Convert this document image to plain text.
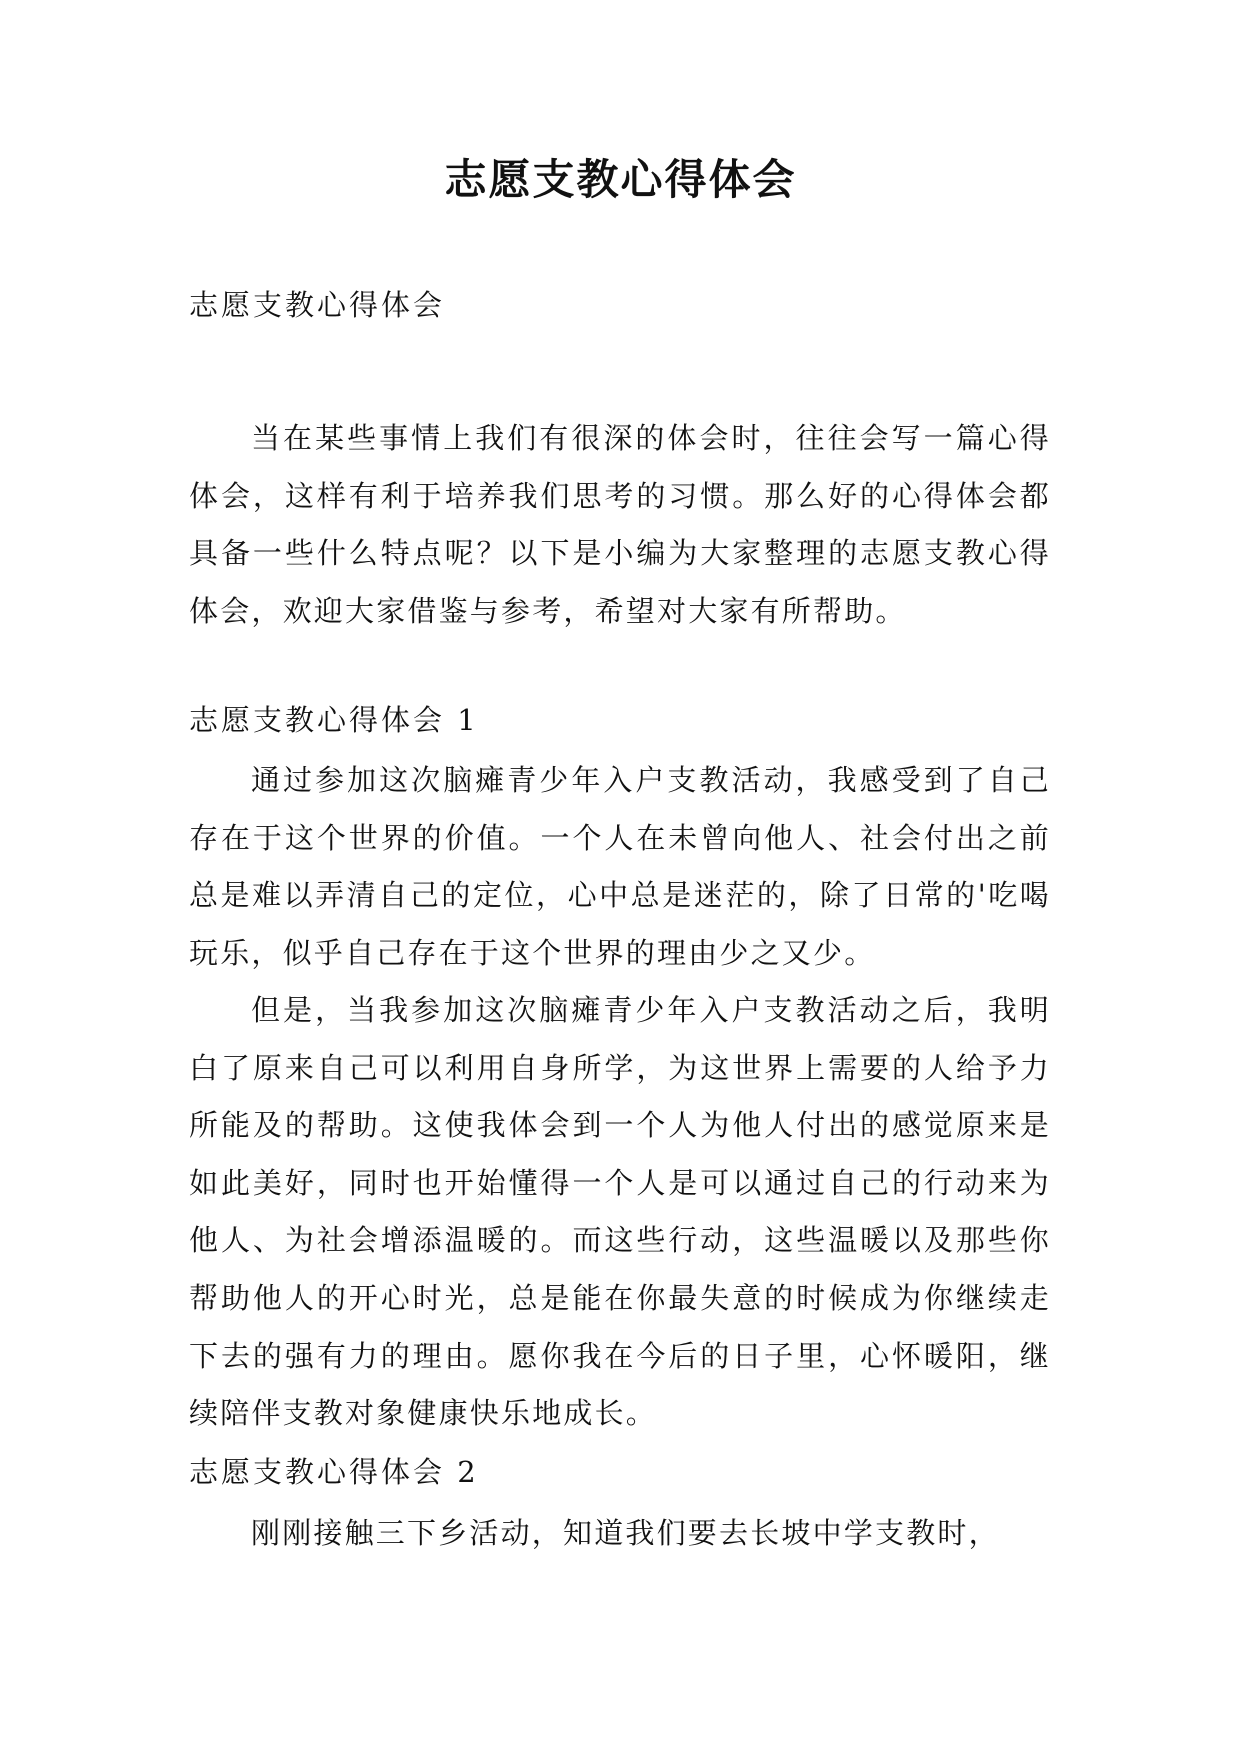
志愿支教心得体会

志愿支教心得体会

当在某些事情上我们有很深的体会时，往往会写一篇心得体会，这样有利于培养我们思考的习惯。那么好的心得体会都具备一些什么特点呢？以下是小编为大家整理的志愿支教心得体会，欢迎大家借鉴与参考，希望对大家有所帮助。

志愿支教心得体会 1

通过参加这次脑瘫青少年入户支教活动，我感受到了自己存在于这个世界的价值。一个人在未曾向他人、社会付出之前总是难以弄清自己的定位，心中总是迷茫的，除了日常的'吃喝玩乐，似乎自己存在于这个世界的理由少之又少。

但是，当我参加这次脑瘫青少年入户支教活动之后，我明白了原来自己可以利用自身所学，为这世界上需要的人给予力所能及的帮助。这使我体会到一个人为他人付出的感觉原来是如此美好，同时也开始懂得一个人是可以通过自己的行动来为他人、为社会增添温暖的。而这些行动，这些温暖以及那些你帮助他人的开心时光，总是能在你最失意的时候成为你继续走下去的强有力的理由。愿你我在今后的日子里，心怀暖阳，继续陪伴支教对象健康快乐地成长。

志愿支教心得体会 2

刚刚接触三下乡活动，知道我们要去长坡中学支教时，
